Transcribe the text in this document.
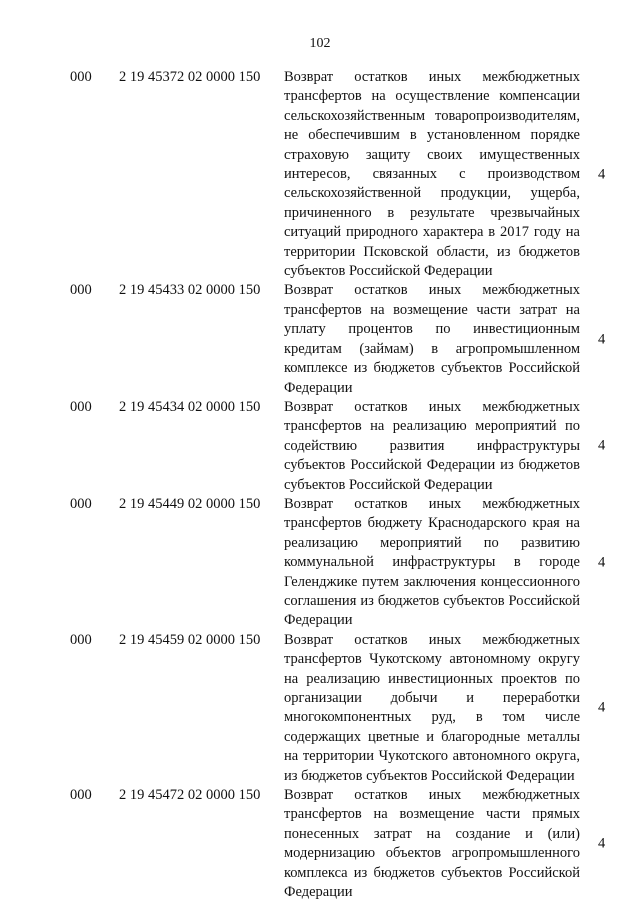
102
000 2 19 45372 02 0000 150 Возврат остатков иных межбюджетных трансфертов на осуществление компенсации сельскохозяйственным товаропроизводителям, не обеспечившим в установленном порядке страховую защиту своих имущественных интересов, связанных с производством сельскохозяйственной продукции, ущерба, причиненного в результате чрезвычайных ситуаций природного характера в 2017 году на территории Псковской области, из бюджетов субъектов Российской Федерации
4
000 2 19 45433 02 0000 150 Возврат остатков иных межбюджетных трансфертов на возмещение части затрат на уплату процентов по инвестиционным кредитам (займам) в агропромышленном комплексе из бюджетов субъектов Российской Федерации
4
000 2 19 45434 02 0000 150 Возврат остатков иных межбюджетных трансфертов на реализацию мероприятий по содействию развития инфраструктуры субъектов Российской Федерации из бюджетов субъектов Российской Федерации
4
000 2 19 45449 02 0000 150 Возврат остатков иных межбюджетных трансфертов бюджету Краснодарского края на реализацию мероприятий по развитию коммунальной инфраструктуры в городе Геленджике путем заключения концессионного соглашения из бюджетов субъектов Российской Федерации
4
000 2 19 45459 02 0000 150 Возврат остатков иных межбюджетных трансфертов Чукотскому автономному округу на реализацию инвестиционных проектов по организации добычи и переработки многокомпонентных руд, в том числе содержащих цветные и благородные металлы на территории Чукотского автономного округа, из бюджетов субъектов Российской Федерации
4
000 2 19 45472 02 0000 150 Возврат остатков иных межбюджетных трансфертов на возмещение части прямых понесенных затрат на создание и (или) модернизацию объектов агропромышленного комплекса из бюджетов субъектов Российской Федерации
4
